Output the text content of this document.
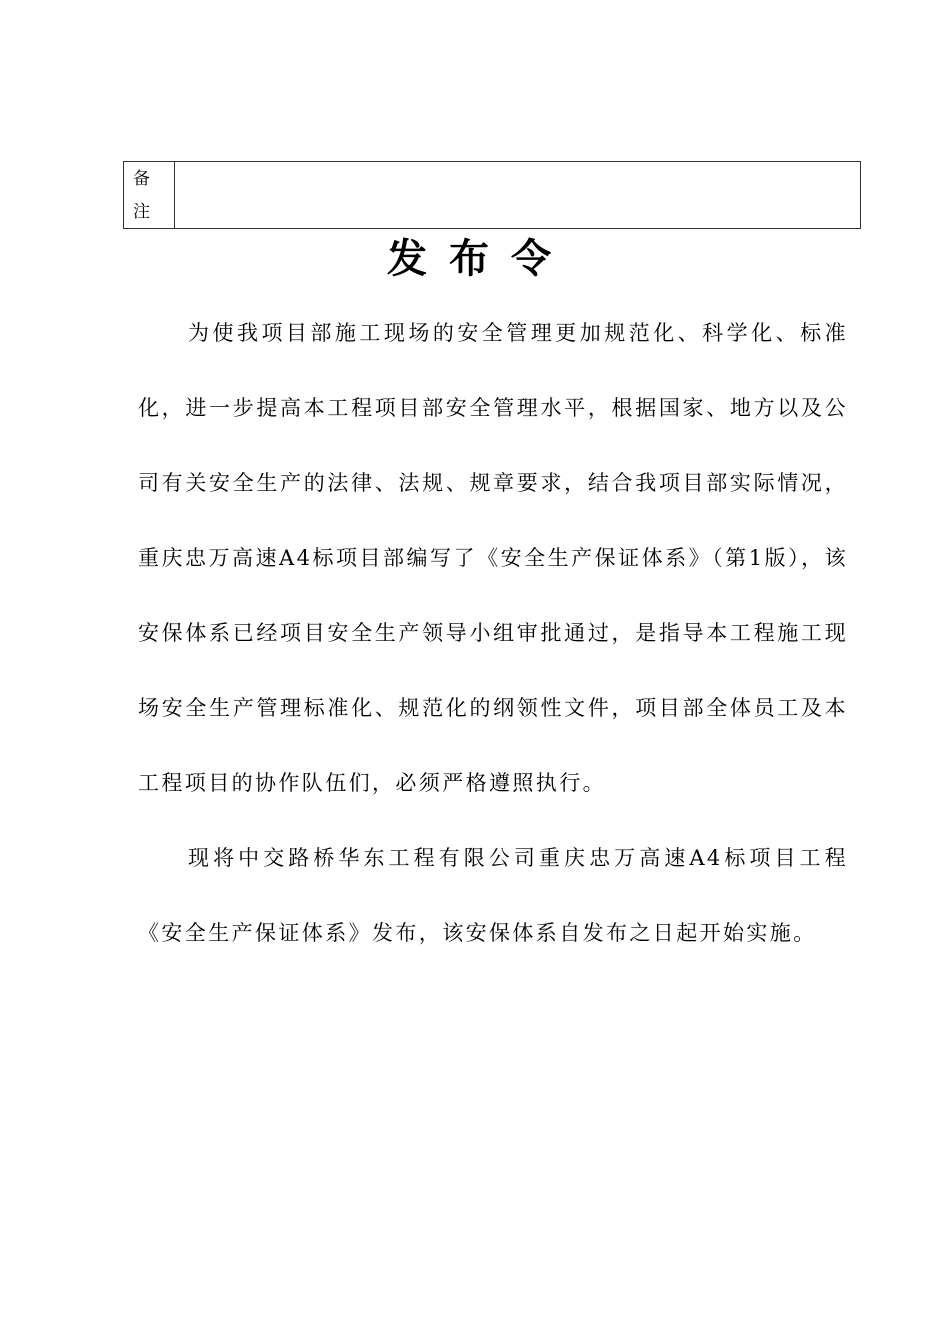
备
注
发布令

为使我项目部施工现场的安全管理更加规范化、科学化、标准化，进一步提高本工程项目部安全管理水平，根据国家、地方以及公司有关安全生产的法律、法规、规章要求，结合我项目部实际情况，重庆忠万高速A4标项目部编写了《安全生产保证体系》（第1版），该安保体系已经项目安全生产领导小组审批通过，是指导本工程施工现场安全生产管理标准化、规范化的纲领性文件，项目部全体员工及本工程项目的协作队伍们，必须严格遵照执行。

现将中交路桥华东工程有限公司重庆忠万高速A4标项目工程《安全生产保证体系》发布，该安保体系自发布之日起开始实施。
